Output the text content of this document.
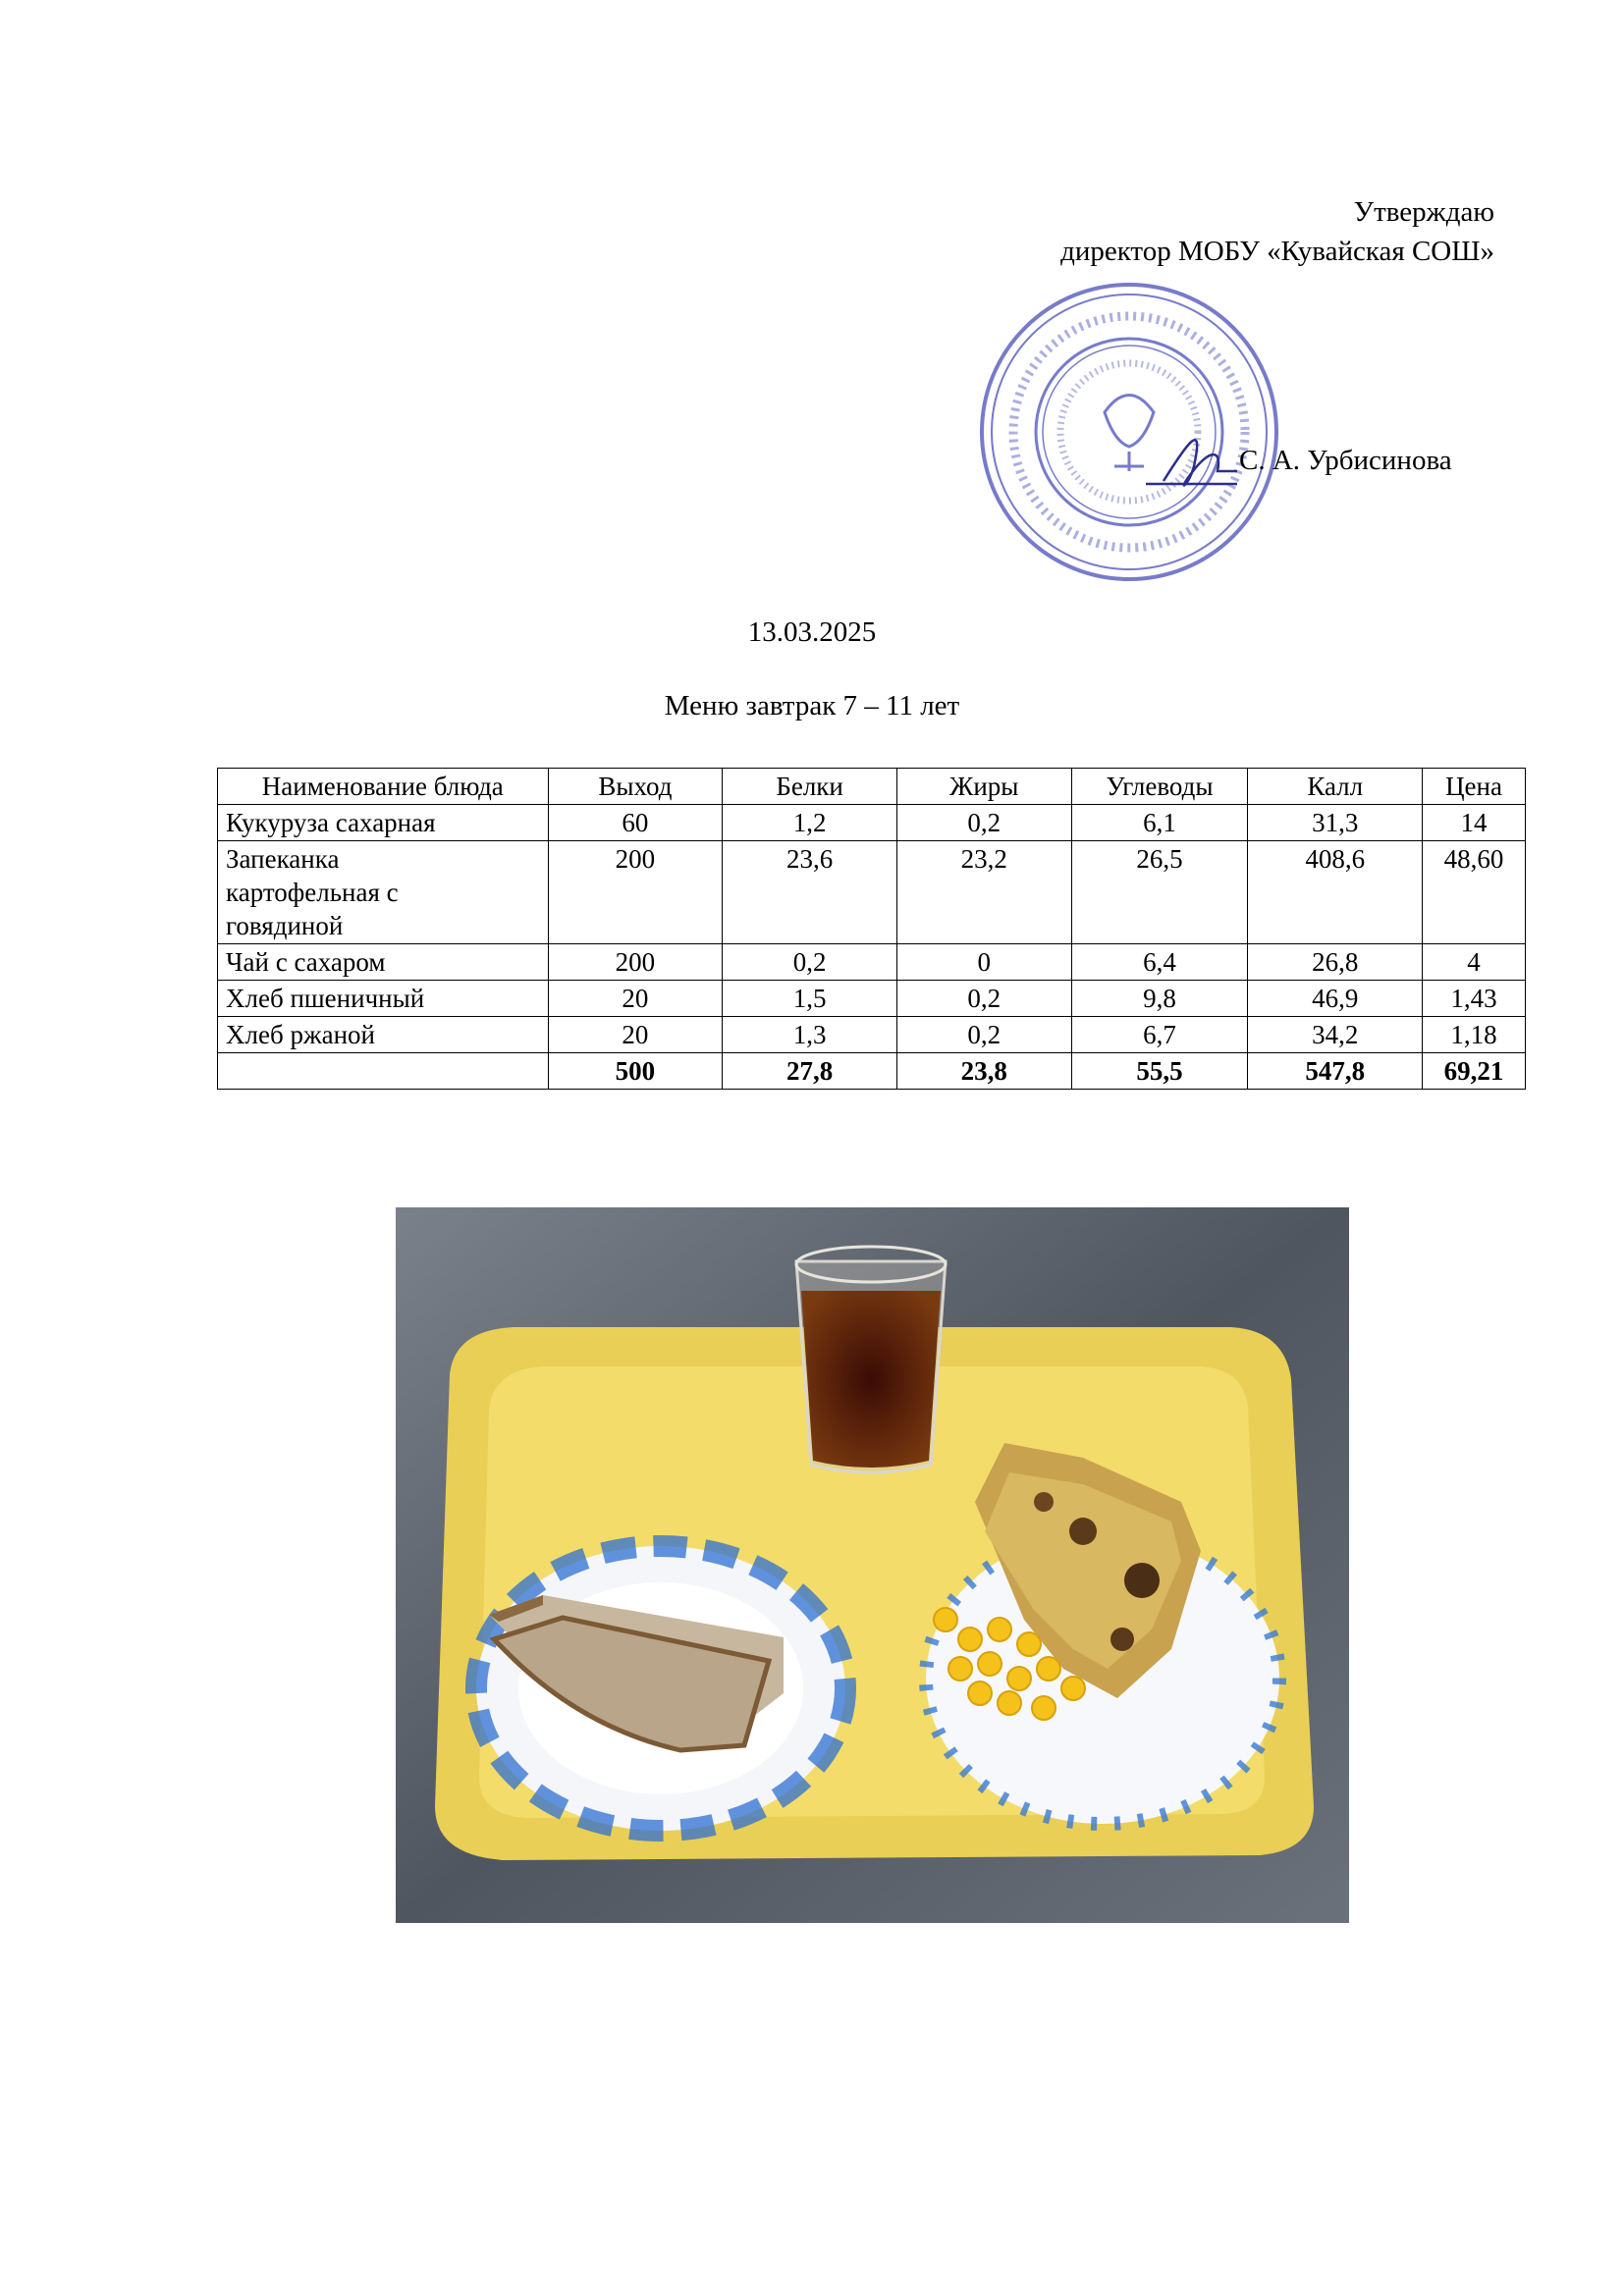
Утверждаю
директор МОБУ «Кувайская СОШ»
С. А. Урбисинова
13.03.2025
Меню завтрак 7 – 11 лет
Наименование блюда	Выход	Белки	Жиры	Углеводы	Калл	Цена
Кукуруза сахарная	60	1,2	0,2	6,1	31,3	14

Запеканка картофельная с говядиной	200	23,6	23,2	26,5	408,6	48,60
Чай с сахаром	200	0,2	0	6,4	26,8	4
Хлеб пшеничный	20	1,5	0,2	9,8	46,9	1,43
Хлеб ржаной	20	1,3	0,2	6,7	34,2	1,18
	500	27,8	23,8	55,5	547,8	69,21
